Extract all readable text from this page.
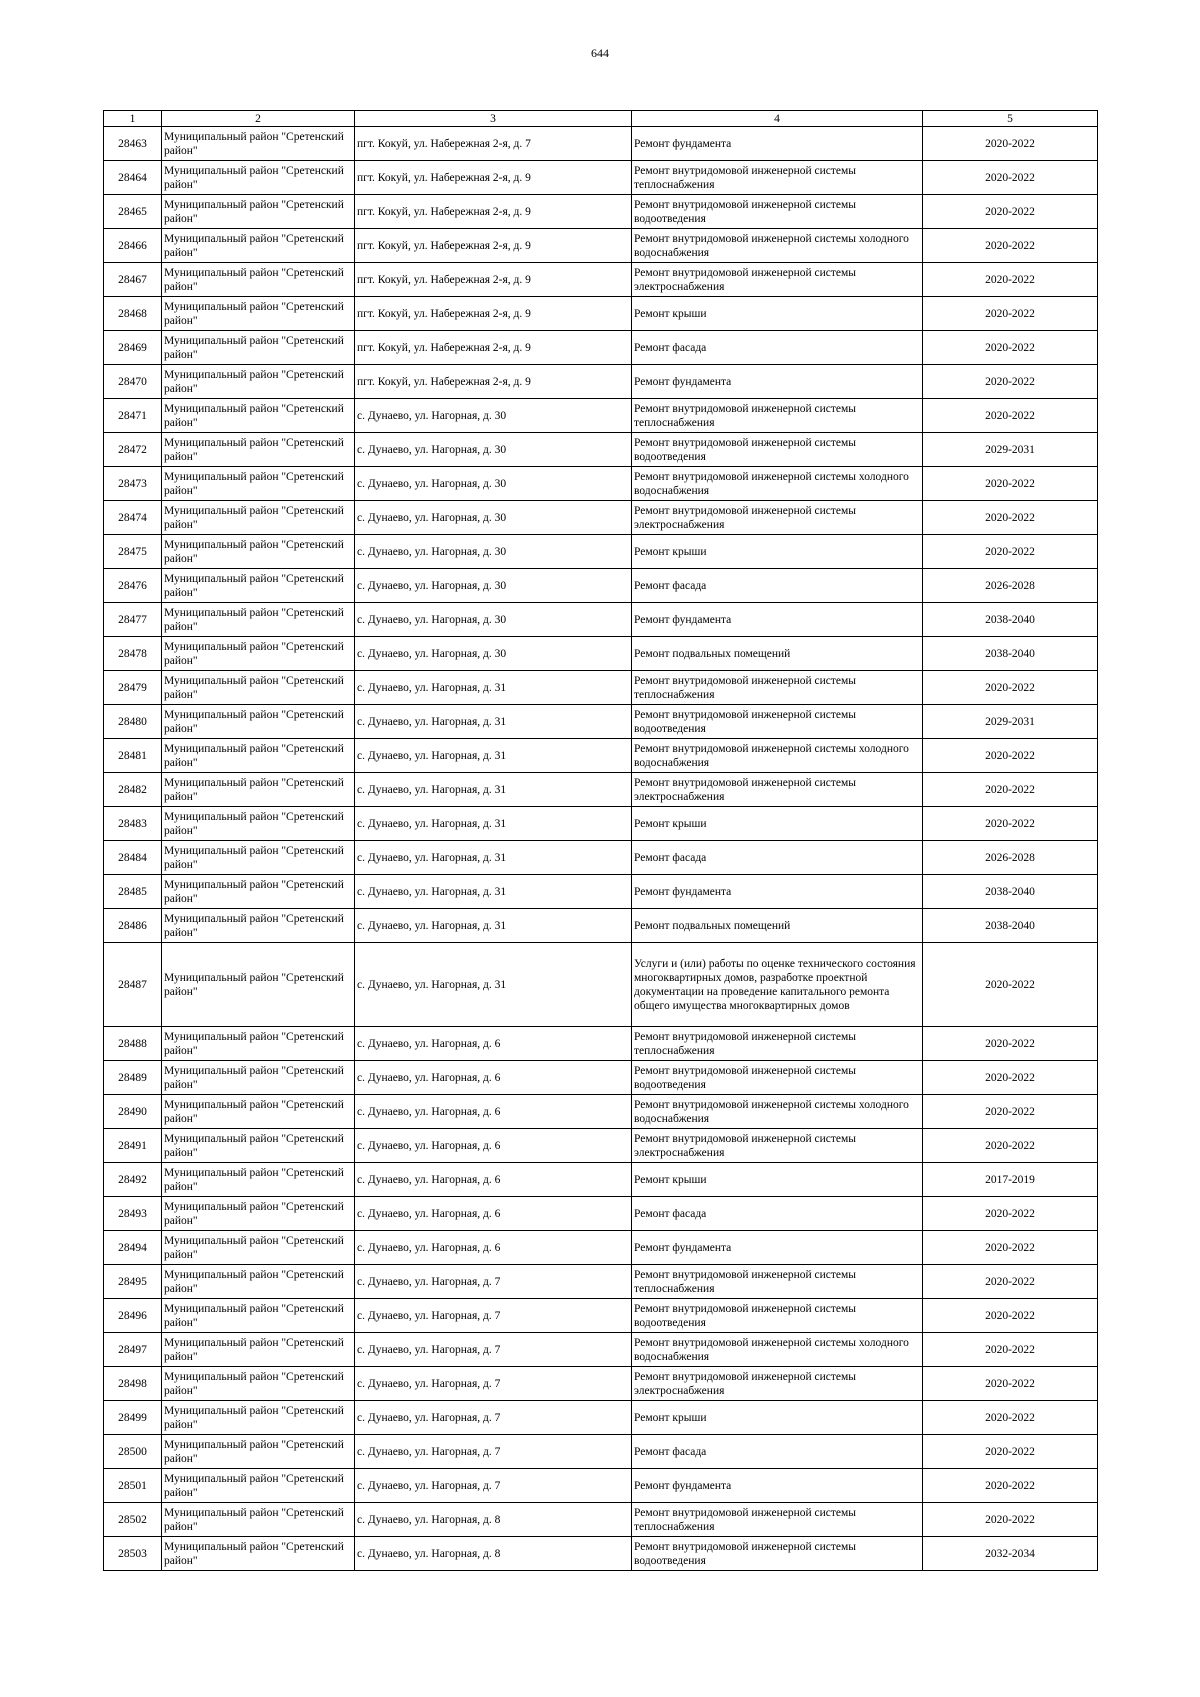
644
1	2	3	4	5
28463	Муниципальный район "Сретенский район"	пгт. Кокуй, ул. Набережная 2-я, д. 7	Ремонт фундамента	2020-2022
28464	Муниципальный район "Сретенский район"	пгт. Кокуй, ул. Набережная 2-я, д. 9	Ремонт внутридомовой инженерной системы теплоснабжения	2020-2022
28465	Муниципальный район "Сретенский район"	пгт. Кокуй, ул. Набережная 2-я, д. 9	Ремонт внутридомовой инженерной системы водоотведения	2020-2022
28466	Муниципальный район "Сретенский район"	пгт. Кокуй, ул. Набережная 2-я, д. 9	Ремонт внутридомовой инженерной системы холодного водоснабжения	2020-2022
28467	Муниципальный район "Сретенский район"	пгт. Кокуй, ул. Набережная 2-я, д. 9	Ремонт внутридомовой инженерной системы электроснабжения	2020-2022
28468	Муниципальный район "Сретенский район"	пгт. Кокуй, ул. Набережная 2-я, д. 9	Ремонт крыши	2020-2022
28469	Муниципальный район "Сретенский район"	пгт. Кокуй, ул. Набережная 2-я, д. 9	Ремонт фасада	2020-2022
28470	Муниципальный район "Сретенский район"	пгт. Кокуй, ул. Набережная 2-я, д. 9	Ремонт фундамента	2020-2022
28471	Муниципальный район "Сретенский район"	с. Дунаево, ул. Нагорная, д. 30	Ремонт внутридомовой инженерной системы теплоснабжения	2020-2022
28472	Муниципальный район "Сретенский район"	с. Дунаево, ул. Нагорная, д. 30	Ремонт внутридомовой инженерной системы водоотведения	2029-2031
28473	Муниципальный район "Сретенский район"	с. Дунаево, ул. Нагорная, д. 30	Ремонт внутридомовой инженерной системы холодного водоснабжения	2020-2022
28474	Муниципальный район "Сретенский район"	с. Дунаево, ул. Нагорная, д. 30	Ремонт внутридомовой инженерной системы электроснабжения	2020-2022
28475	Муниципальный район "Сретенский район"	с. Дунаево, ул. Нагорная, д. 30	Ремонт крыши	2020-2022
28476	Муниципальный район "Сретенский район"	с. Дунаево, ул. Нагорная, д. 30	Ремонт фасада	2026-2028
28477	Муниципальный район "Сретенский район"	с. Дунаево, ул. Нагорная, д. 30	Ремонт фундамента	2038-2040
28478	Муниципальный район "Сретенский район"	с. Дунаево, ул. Нагорная, д. 30	Ремонт подвальных помещений	2038-2040
28479	Муниципальный район "Сретенский район"	с. Дунаево, ул. Нагорная, д. 31	Ремонт внутридомовой инженерной системы теплоснабжения	2020-2022
28480	Муниципальный район "Сретенский район"	с. Дунаево, ул. Нагорная, д. 31	Ремонт внутридомовой инженерной системы водоотведения	2029-2031
28481	Муниципальный район "Сретенский район"	с. Дунаево, ул. Нагорная, д. 31	Ремонт внутридомовой инженерной системы холодного водоснабжения	2020-2022
28482	Муниципальный район "Сретенский район"	с. Дунаево, ул. Нагорная, д. 31	Ремонт внутридомовой инженерной системы электроснабжения	2020-2022
28483	Муниципальный район "Сретенский район"	с. Дунаево, ул. Нагорная, д. 31	Ремонт крыши	2020-2022
28484	Муниципальный район "Сретенский район"	с. Дунаево, ул. Нагорная, д. 31	Ремонт фасада	2026-2028
28485	Муниципальный район "Сретенский район"	с. Дунаево, ул. Нагорная, д. 31	Ремонт фундамента	2038-2040
28486	Муниципальный район "Сретенский район"	с. Дунаево, ул. Нагорная, д. 31	Ремонт подвальных помещений	2038-2040
28487	Муниципальный район "Сретенский район"	с. Дунаево, ул. Нагорная, д. 31	Услуги и (или) работы по оценке технического состояния многоквартирных домов, разработке проектной документации на проведение капитального ремонта общего имущества многоквартирных домов	2020-2022
28488	Муниципальный район "Сретенский район"	с. Дунаево, ул. Нагорная, д. 6	Ремонт внутридомовой инженерной системы теплоснабжения	2020-2022
28489	Муниципальный район "Сретенский район"	с. Дунаево, ул. Нагорная, д. 6	Ремонт внутридомовой инженерной системы водоотведения	2020-2022
28490	Муниципальный район "Сретенский район"	с. Дунаево, ул. Нагорная, д. 6	Ремонт внутридомовой инженерной системы холодного водоснабжения	2020-2022
28491	Муниципальный район "Сретенский район"	с. Дунаево, ул. Нагорная, д. 6	Ремонт внутридомовой инженерной системы электроснабжения	2020-2022
28492	Муниципальный район "Сретенский район"	с. Дунаево, ул. Нагорная, д. 6	Ремонт крыши	2017-2019
28493	Муниципальный район "Сретенский район"	с. Дунаево, ул. Нагорная, д. 6	Ремонт фасада	2020-2022
28494	Муниципальный район "Сретенский район"	с. Дунаево, ул. Нагорная, д. 6	Ремонт фундамента	2020-2022
28495	Муниципальный район "Сретенский район"	с. Дунаево, ул. Нагорная, д. 7	Ремонт внутридомовой инженерной системы теплоснабжения	2020-2022
28496	Муниципальный район "Сретенский район"	с. Дунаево, ул. Нагорная, д. 7	Ремонт внутридомовой инженерной системы водоотведения	2020-2022
28497	Муниципальный район "Сретенский район"	с. Дунаево, ул. Нагорная, д. 7	Ремонт внутридомовой инженерной системы холодного водоснабжения	2020-2022
28498	Муниципальный район "Сретенский район"	с. Дунаево, ул. Нагорная, д. 7	Ремонт внутридомовой инженерной системы электроснабжения	2020-2022
28499	Муниципальный район "Сретенский район"	с. Дунаево, ул. Нагорная, д. 7	Ремонт крыши	2020-2022
28500	Муниципальный район "Сретенский район"	с. Дунаево, ул. Нагорная, д. 7	Ремонт фасада	2020-2022
28501	Муниципальный район "Сретенский район"	с. Дунаево, ул. Нагорная, д. 7	Ремонт фундамента	2020-2022
28502	Муниципальный район "Сретенский район"	с. Дунаево, ул. Нагорная, д. 8	Ремонт внутридомовой инженерной системы теплоснабжения	2020-2022
28503	Муниципальный район "Сретенский район"	с. Дунаево, ул. Нагорная, д. 8	Ремонт внутридомовой инженерной системы водоотведения	2032-2034
